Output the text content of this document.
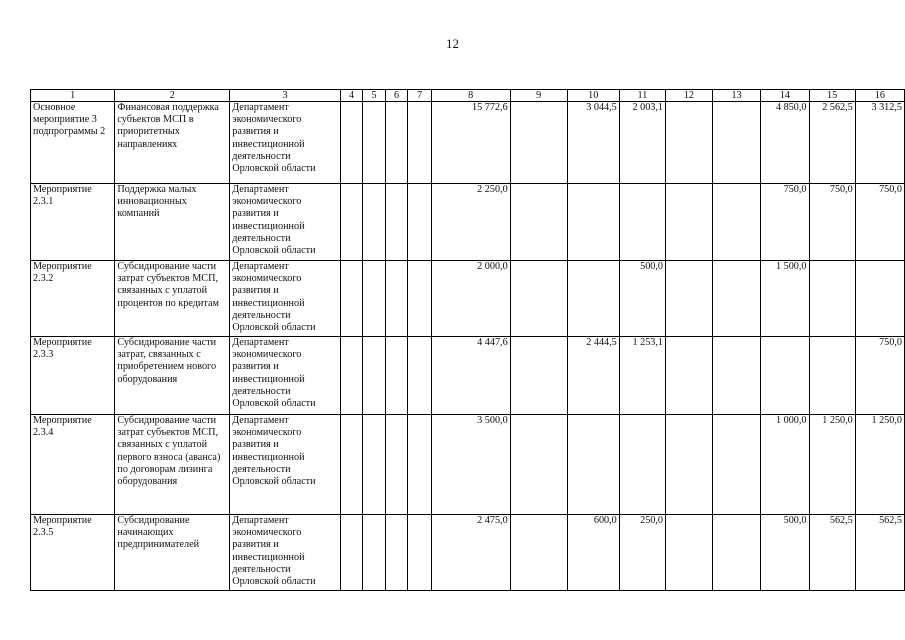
12
1	2	3	4	5	6	7	8	9	10	11	12	13	14	15	16
Основное мероприятие 3 подпрограммы 2	Финансовая поддержка субъектов МСП в приоритетных направлениях	Департамент экономического развития и инвестиционной деятельности Орловской области					15 772,6		3 044,5	2 003,1			4 850,0	2 562,5	3 312,5
Мероприятие 2.3.1	Поддержка малых инновационных компаний	Департамент экономического развития и инвестиционной деятельности Орловской области					2 250,0						750,0	750,0	750,0
Мероприятие 2.3.2	Субсидирование части затрат субъектов МСП, связанных с уплатой процентов по кредитам	Департамент экономического развития и инвестиционной деятельности Орловской области					2 000,0			500,0			1 500,0		
Мероприятие 2.3.3	Субсидирование части затрат, связанных с приобретением нового оборудования	Департамент экономического развития и инвестиционной деятельности Орловской области					4 447,6		2 444,5	1 253,1					750,0
Мероприятие 2.3.4	Субсидирование части затрат субъектов МСП, связанных с уплатой первого взноса (аванса) по договорам лизинга оборудования	Департамент экономического развития и инвестиционной деятельности Орловской области					3 500,0						1 000,0	1 250,0	1 250,0
Мероприятие 2.3.5	Субсидирование начинающих предпринимателей	Департамент экономического развития и инвестиционной деятельности Орловской области					2 475,0		600,0	250,0			500,0	562,5	562,5
